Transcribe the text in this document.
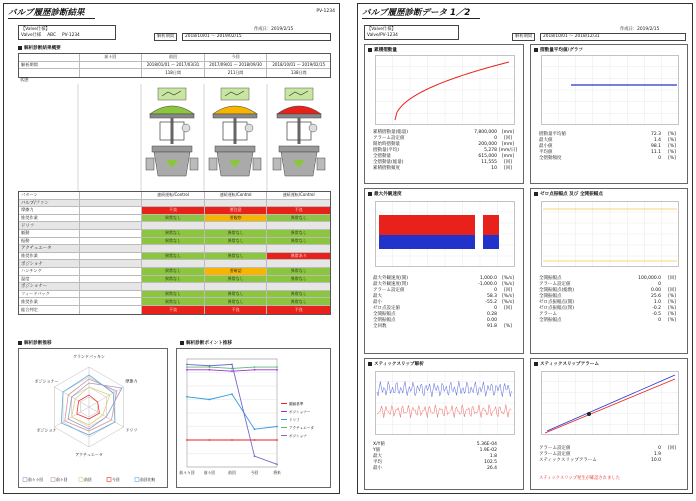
バルブ履歴診断結果	PV-1234
【Valve仕様】
Valve仕様 ABC PV-1234
作成日：2019/2/15
解析期間	2018/10/01 ～ 2019/02/15
解析診断結果概要
前々回	前回	今回
解析期間	2018/01/01 ～ 2017/03/31	2017/09/01 ～ 2018/09/30	2018/10/01 ～ 2019/02/15
118日間	211日間	138日間
状態
パターン	連続運転/Control	連続運転/Control	連続運転/Control
バルブ/ファン
摩擦力	不良	要注意	不良
推奨作業	異常なし	要観察	異常なし
ドリフ
脈動	異常なし	異常なし	異常なし
振動	異常なし	異常なし	異常なし
アクチュエータ
推奨作業	異常なし	異常なし	異常あり
ポジショナ
ハンチング	異常なし	要確認	異常なし
温度	異常なし	異常なし	異常なし
ポジショナー
フィードバック	異常なし	異常なし	異常なし
推奨作業	異常なし	異常なし	異常なし
総合判定	不良	不良	不良
解析診断推移	解析診断ポイント推移
グランドパッキン
摩擦力
ドリフ
アクチュエータ
ポジショナ
ポジショナー
前々々回	前々回	前回	今回	前回比較
前々々回 前々回	前回	今回	将来
閾値基準
ポジショナー
ドリフ
アクチュエータ
ポジショナ
バルブ履歴診断データ 1／2
【Valve仕様】
Valve/PV-1234
作成日：2019/2/15
解析期間	2018/10/01 ～ 2018/12/31
累積摺動量
累積摺動量(総量)	7,800,000	[mm]
アラーム設定値	0	[回]
開始時摺動量	200,000	[mm]
摺動量(平均)	5,278 [mm/日]
全摺動量	615,000	[mm]
全摺動量(総量)	11,555	[回]
累積摺動頻度	10	[回]
摺動量平均値/グラフ
摺動量平均値	72.3	[%]
最大値	1.4	[%]
最小値	98.1	[%]
平均値	11.1	[%]
全摺動頻度	0	[%]
最大外観速度
最大外観速度(開)	1,000.0	[%/s]
最大外観速度(閉)	-1,000.0	[%/s]
アラーム設定値	0	[回]
最大	58.3	[%/s]
最小	-55.2	[%/s]
ゼロ点設定値	0	[回]
全開振幅点	0.28
全閉振幅点	0.00
全回数	91.8	[%]
ゼロ点振幅点 及び 全開振幅点
全開振幅点	100,000.0	[回]
アラーム設定値	0
全開振幅点(総数)	0.00	[回]
全開振幅点	25.6	[%]
ゼロ点振幅点(開)	1.0	[%]
ゼロ点振幅点(閉)	-0.2	[%]
アラーム	-0.5	[%]
全閉振幅点	0	[%]
スティックスリップ解析
X/Y値	5.36E-04
Y値	1.9E-02
最大	1.8
平均	102.5
最小	26.4
スティックスリップアラーム
アラーム設定値	0	[回]
アラーム設定値	1.9
スティックスリップアラーム	10.0
スティックスリップ発生が確認されました
